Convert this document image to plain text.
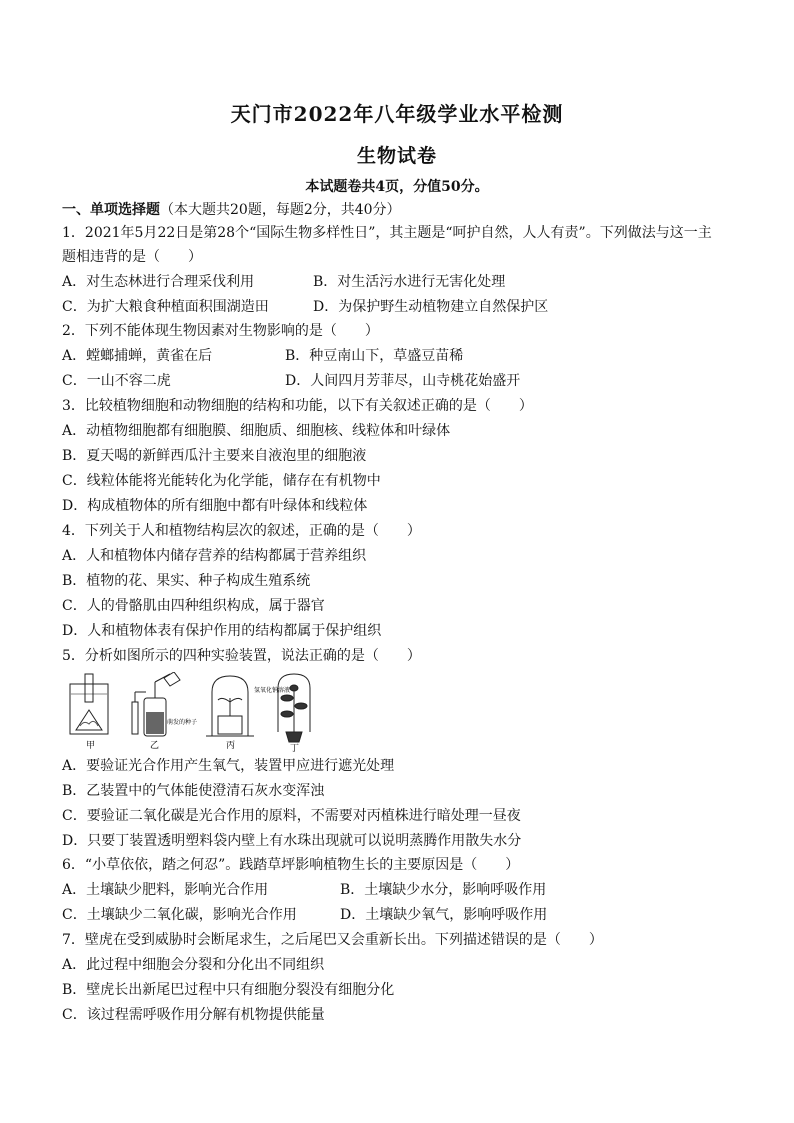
天门市2022年八年级学业水平检测
生物试卷
本试题卷共4页，分值50分。
一、单项选择题（本大题共20题，每题2分，共40分）
1．2021年5月22日是第28个“国际生物多样性日”，其主题是“呵护自然，人人有责”。下列做法与这一主
题相违背的是（　　）
A．对生态林进行合理采伐利用	B．对生活污水进行无害化处理
C．为扩大粮食种植面积围湖造田	D．为保护野生动植物建立自然保护区
2．下列不能体现生物因素对生物影响的是（　　）
A．螳螂捕蝉，黄雀在后	B．种豆南山下，草盛豆苗稀
C．一山不容二虎	D．人间四月芳菲尽，山寺桃花始盛开
3．比较植物细胞和动物细胞的结构和功能，以下有关叙述正确的是（　　）
A．动植物细胞都有细胞膜、细胞质、细胞核、线粒体和叶绿体
B．夏天喝的新鲜西瓜汁主要来自液泡里的细胞液
C．线粒体能将光能转化为化学能，储存在有机物中
D．构成植物体的所有细胞中都有叶绿体和线粒体
4．下列关于人和植物结构层次的叙述，正确的是（　　）
A．人和植物体内储存营养的结构都属于营养组织
B．植物的花、果实、种子构成生殖系统
C．人的骨骼肌由四种组织构成，属于器官
D．人和植物体表有保护作用的结构都属于保护组织
5．分析如图所示的四种实验装置，说法正确的是（　　）
甲
萌发的种子
乙
氢氧化钠溶液
丙	丁
A．要验证光合作用产生氧气，装置甲应进行遮光处理
B．乙装置中的气体能使澄清石灰水变浑浊
C．要验证二氧化碳是光合作用的原料，不需要对丙植株进行暗处理一昼夜
D．只要丁装置透明塑料袋内壁上有水珠出现就可以说明蒸腾作用散失水分
6．“小草依依，踏之何忍”。践踏草坪影响植物生长的主要原因是（　　）
A．土壤缺少肥料，影响光合作用	B．土壤缺少水分，影响呼吸作用
C．土壤缺少二氧化碳，影响光合作用	D．土壤缺少氧气，影响呼吸作用
7．壁虎在受到威胁时会断尾求生，之后尾巴又会重新长出。下列描述错误的是（　　）
A．此过程中细胞会分裂和分化出不同组织
B．壁虎长出新尾巴过程中只有细胞分裂没有细胞分化
C．该过程需呼吸作用分解有机物提供能量
